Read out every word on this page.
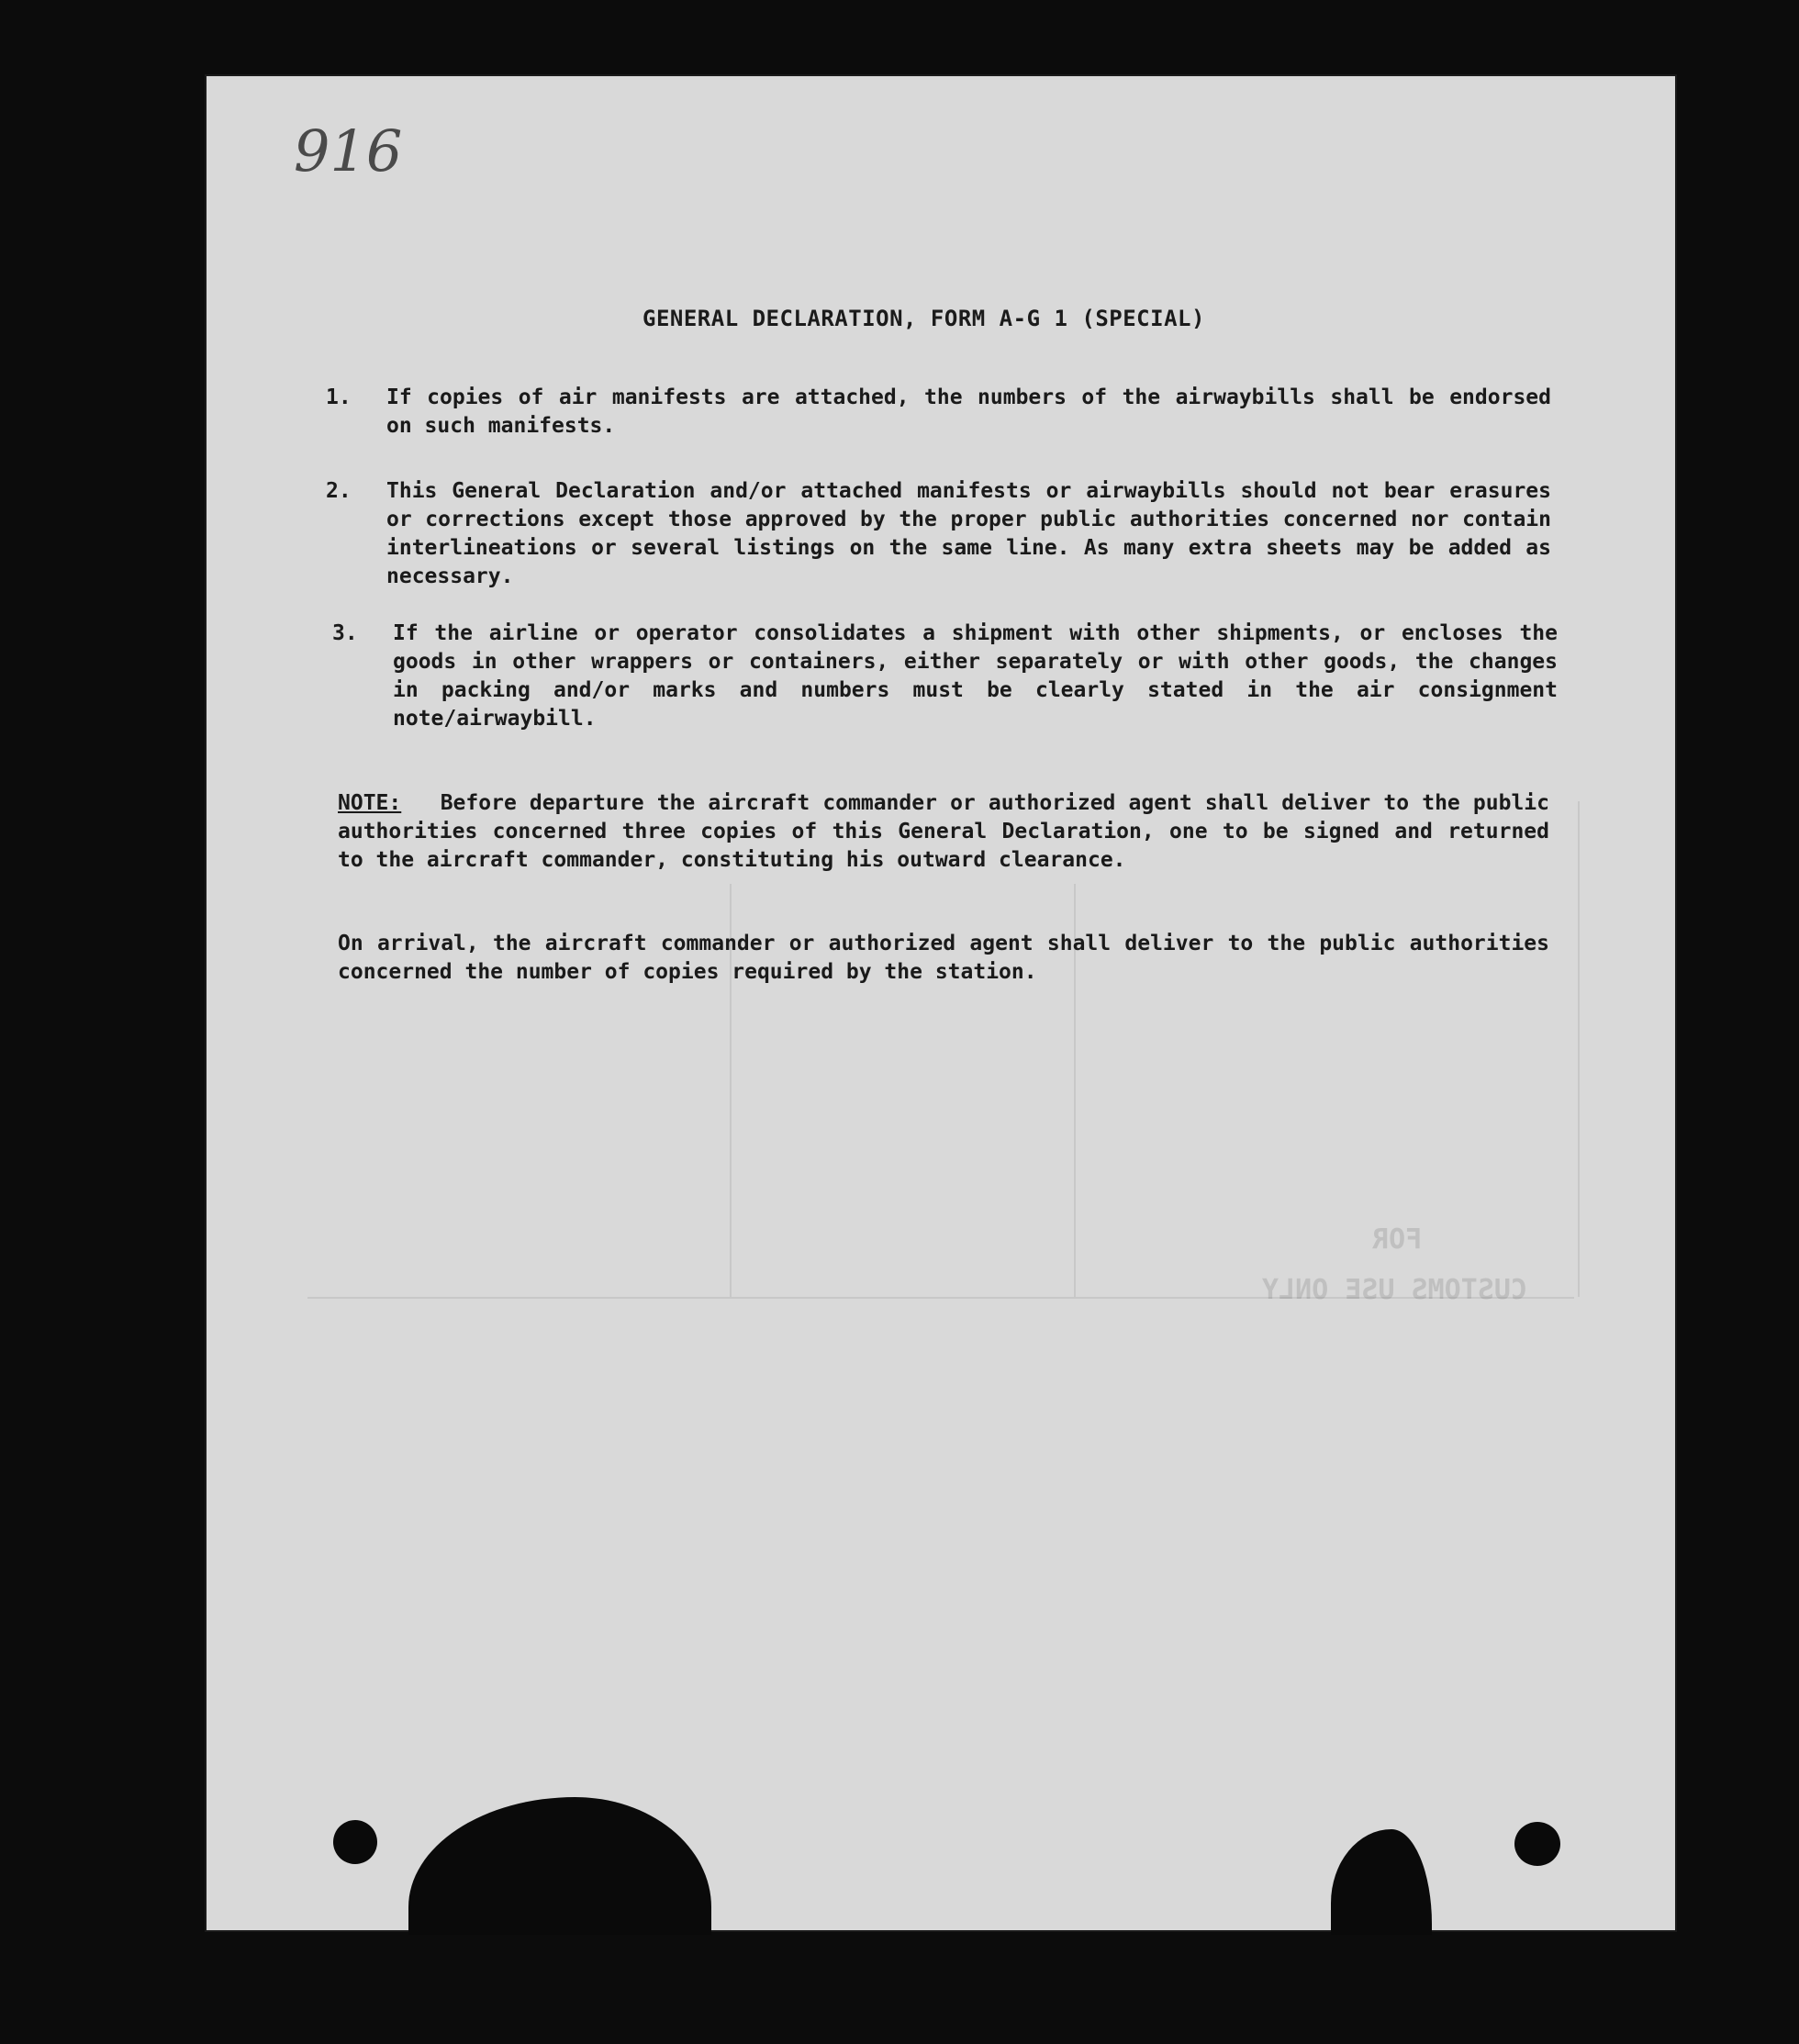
FOR
CUSTOMS USE ONLY
916
GENERAL DECLARATION, FORM A-G 1 (SPECIAL)
1. If copies of air manifests are attached, the numbers of the airwaybills shall be endorsed on such manifests.
2. This General Declaration and/or attached manifests or airwaybills should not bear erasures or corrections except those approved by the proper public authorities concerned nor contain interlineations or several listings on the same line. As many extra sheets may be added as necessary.
3. If the airline or operator consolidates a shipment with other shipments, or encloses the goods in other wrappers or containers, either separately or with other goods, the changes in packing and/or marks and numbers must be clearly stated in the air consignment note/airwaybill.
NOTE: Before departure the aircraft commander or authorized agent shall deliver to the public authorities concerned three copies of this General Declaration, one to be signed and returned to the aircraft commander, constituting his outward clearance.
On arrival, the aircraft commander or authorized agent shall deliver to the public authorities concerned the number of copies required by the station.
